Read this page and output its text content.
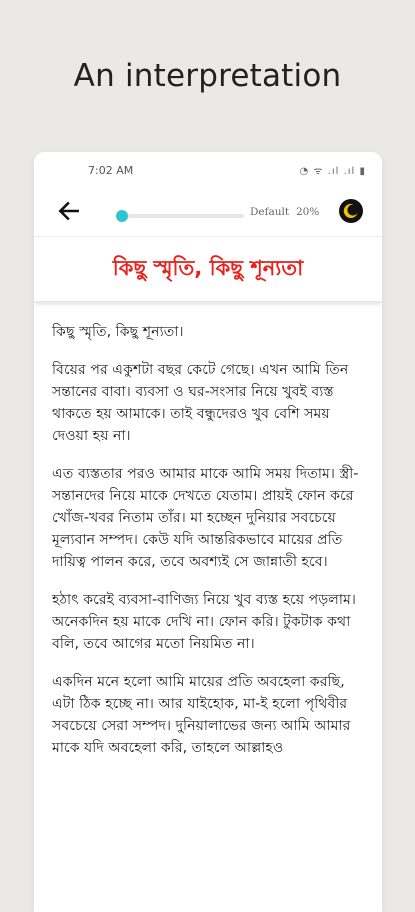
An interpretation
7:02 AM	◔ ᯤ .ıl .ıl ▮
Default 20%
কিছু স্মৃতি, কিছু শূন্যতা

কিছু স্মৃতি, কিছু শূন্যতা।

বিয়ের পর একুশটা বছর কেটে গেছে। এখন আমি তিন সন্তানের বাবা। ব্যবসা ও ঘর-সংসার নিয়ে খুবই ব্যস্ত থাকতে হয় আমাকে। তাই বন্ধুদেরও খুব বেশি সময় দেওয়া হয় না।

এত ব্যস্ততার পরও আমার মাকে আমি সময় দিতাম। স্ত্রী-সন্তানদের নিয়ে মাকে দেখতে যেতাম। প্রায়ই ফোন করে খোঁজ-খবর নিতাম তাঁর। মা হচ্ছেন দুনিয়ার সবচেয়ে মূল্যবান সম্পদ। কেউ যদি আন্তরিকভাবে মায়ের প্রতি দায়িত্ব পালন করে, তবে অবশ্যই সে জান্নাতী হবে।

হঠাৎ করেই ব্যবসা-বাণিজ্য নিয়ে খুব ব্যস্ত হয়ে পড়লাম। অনেকদিন হয় মাকে দেখি না। ফোন করি। টুকটাক কথা বলি, তবে আগের মতো নিয়মিত না।

একদিন মনে হলো আমি মায়ের প্রতি অবহেলা করছি, এটা ঠিক হচ্ছে না। আর যাইহোক, মা-ই হলো পৃথিবীর সবচেয়ে সেরা সম্পদ। দুনিয়ালাভের জন্য আমি আমার মাকে যদি অবহেলা করি, তাহলে আল্লাহও
